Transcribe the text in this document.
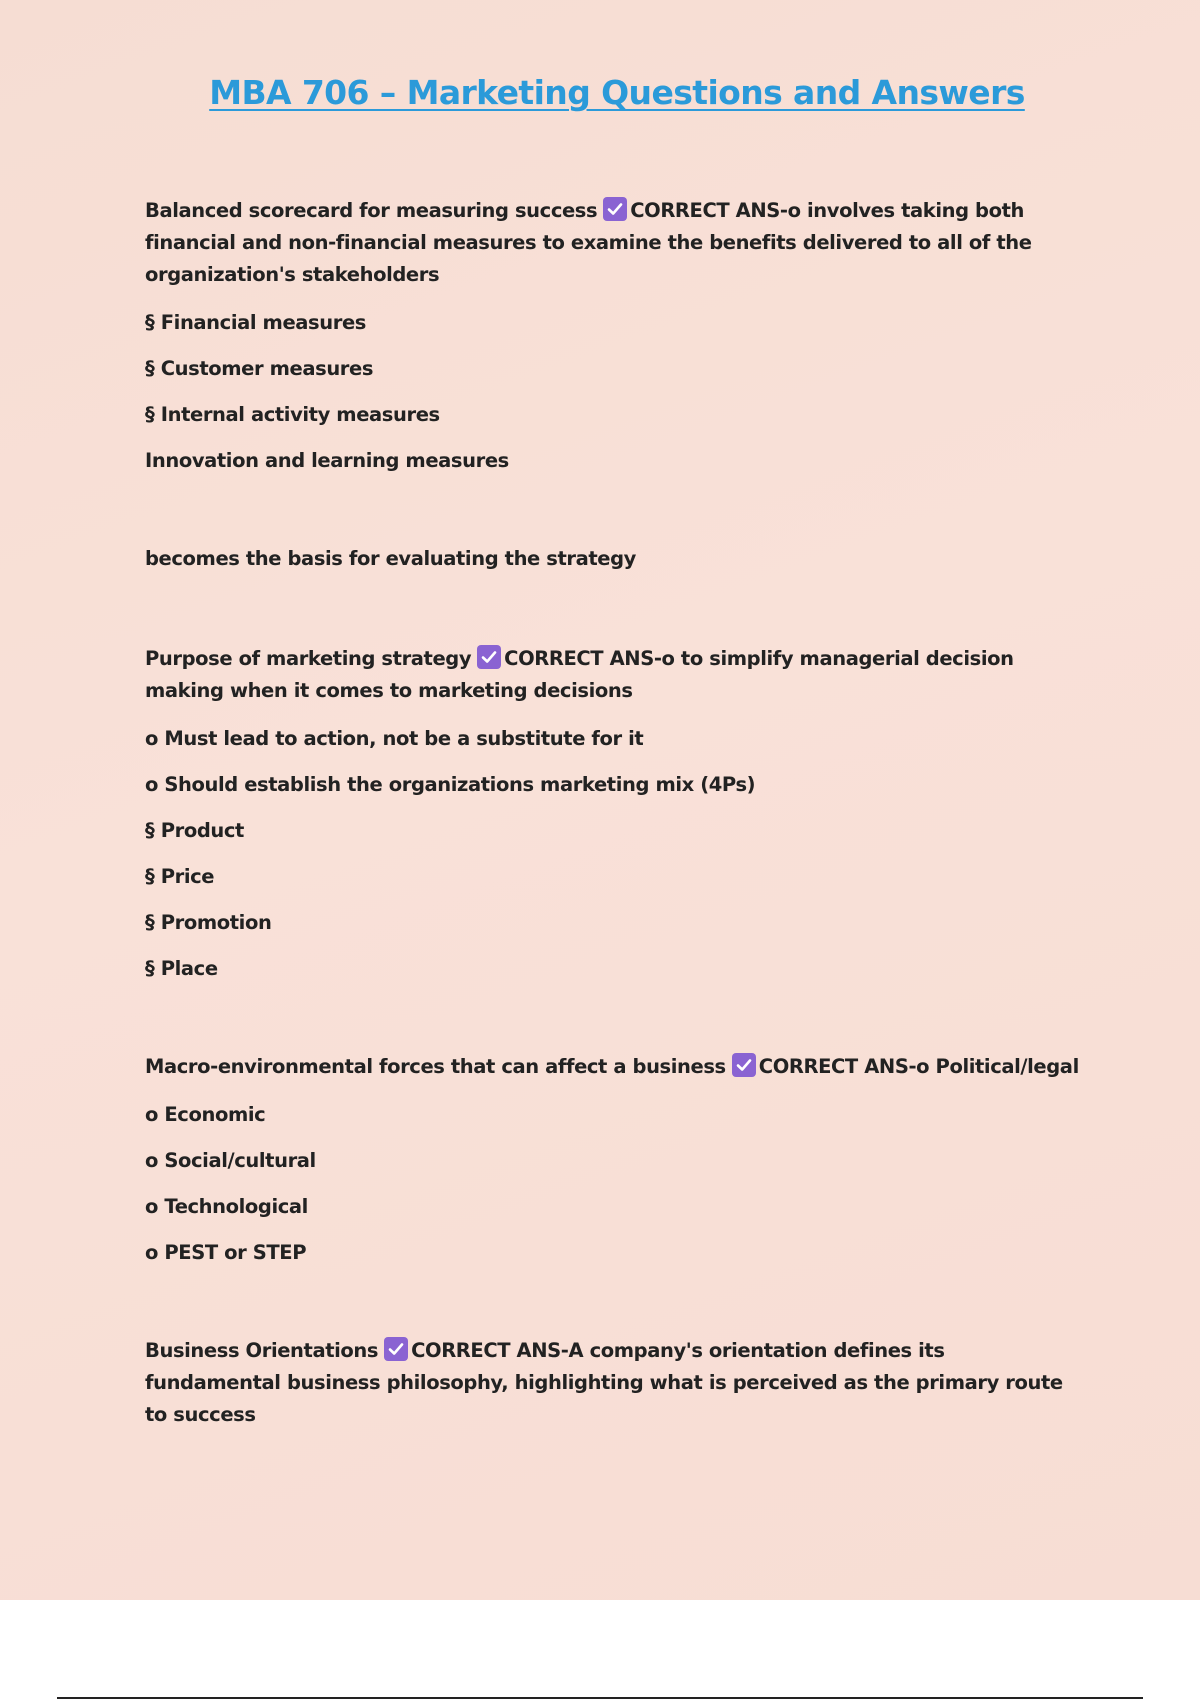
MBA 706 – Marketing Questions and Answers
Balanced scorecard for measuring success CORRECT ANS-o involves taking both financial and non-financial measures to examine the benefits delivered to all of the organization's stakeholders
§ Financial measures
§ Customer measures
§ Internal activity measures
Innovation and learning measures
becomes the basis for evaluating the strategy
Purpose of marketing strategy CORRECT ANS-o to simplify managerial decision making when it comes to marketing decisions
o Must lead to action, not be a substitute for it
o Should establish the organizations marketing mix (4Ps)
§ Product
§ Price
§ Promotion
§ Place
Macro-environmental forces that can affect a business CORRECT ANS-o Political/legal
o Economic
o Social/cultural
o Technological
o PEST or STEP
Business Orientations CORRECT ANS-A company's orientation defines its fundamental business philosophy, highlighting what is perceived as the primary route to success
